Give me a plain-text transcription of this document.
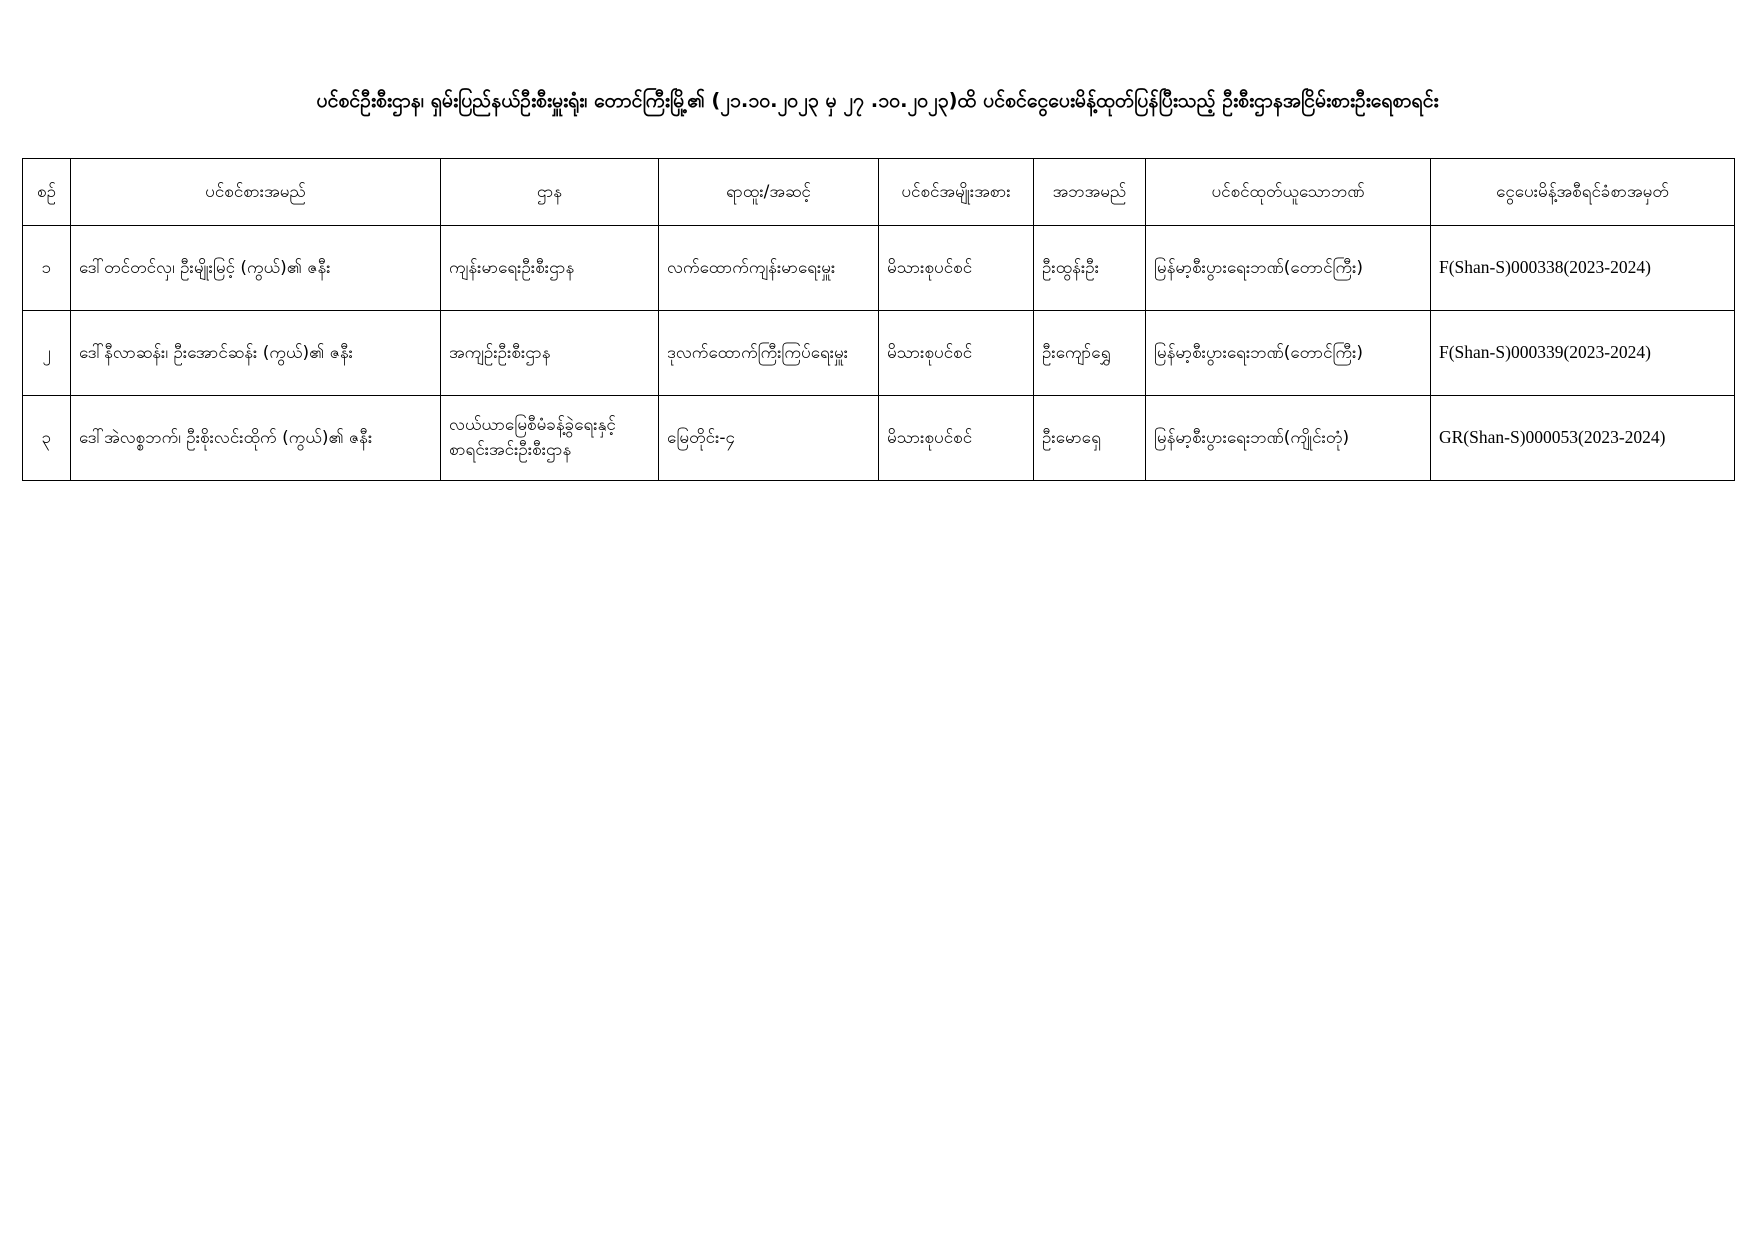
ပင်စင်ဦးစီးဌာန၊ ရှမ်းပြည်နယ်ဦးစီးမှူးရုံး၊ တောင်ကြီးမြို့၏ (၂၁.၁၀.၂၀၂၃ မှ ၂၇ .၁၀.၂၀၂၃)ထိ ပင်စင်ငွေပေးမိန့်ထုတ်ပြန်ပြီးသည့် ဦးစီးဌာနအငြိမ်းစားဦးရေစာရင်း
စဉ်	ပင်စင်စားအမည်	ဌာန	ရာထူး/အဆင့်	ပင်စင်အမျိုးအစား	အဘအမည်	ပင်စင်ထုတ်ယူသောဘဏ်	ငွေပေးမိန့်အစီရင်ခံစာအမှတ်
၁	ဒေါ်တင်တင်လှ၊ ဦးမျိုးမြင့် (ကွယ်)၏ ဇနီး	ကျန်းမာရေးဦးစီးဌာန	လက်ထောက်ကျန်းမာရေးမှူး	မိသားစုပင်စင်	ဦးထွန်းဦး	မြန်မာ့စီးပွားရေးဘဏ်(တောင်ကြီး)	F(Shan-S)000338(2023-2024)
၂	ဒေါ်နီလာဆန်း၊ ဦးအောင်ဆန်း (ကွယ်)၏ ဇနီး	အကျဉ်းဦးစီးဌာန	ဒုလက်ထောက်ကြီးကြပ်ရေးမှူး	မိသားစုပင်စင်	ဦးကျော်ရွှေ	မြန်မာ့စီးပွားရေးဘဏ်(တောင်ကြီး)	F(Shan-S)000339(2023-2024)
၃	ဒေါ်အဲလစ္စဘက်၊ ဦးစိုးလင်းထိုက် (ကွယ်)၏ ဇနီး	လယ်ယာမြေစီမံခန့်ခွဲရေးနှင့် စာရင်းအင်းဦးစီးဌာန	မြေတိုင်း-၄	မိသားစုပင်စင်	ဦးမောရှေ	မြန်မာ့စီးပွားရေးဘဏ်(ကျိုင်းတုံ)	GR(Shan-S)000053(2023-2024)
